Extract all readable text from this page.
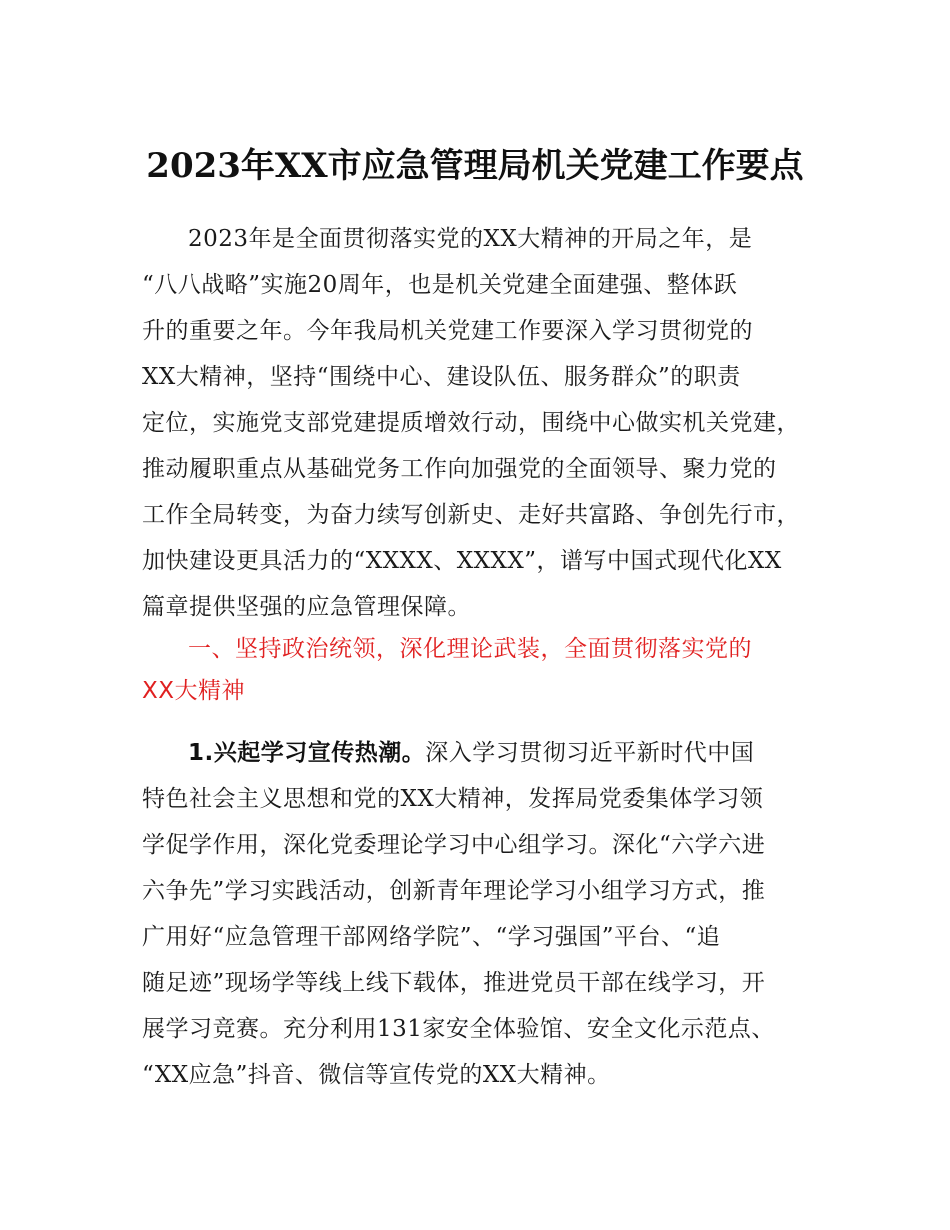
2023年XX市应急管理局机关党建工作要点
2023年是全面贯彻落实党的XX大精神的开局之年，是
“八八战略”实施20周年，也是机关党建全面建强、整体跃
升的重要之年。今年我局机关党建工作要深入学习贯彻党的
XX大精神，坚持“围绕中心、建设队伍、服务群众”的职责
定位，实施党支部党建提质增效行动，围绕中心做实机关党建，
推动履职重点从基础党务工作向加强党的全面领导、聚力党的
工作全局转变，为奋力续写创新史、走好共富路、争创先行市，
加快建设更具活力的“XXXX、XXXX”，谱写中国式现代化XX
篇章提供坚强的应急管理保障。
一、坚持政治统领，深化理论武装，全面贯彻落实党的
XX大精神
1.兴起学习宣传热潮。深入学习贯彻习近平新时代中国
特色社会主义思想和党的XX大精神，发挥局党委集体学习领
学促学作用，深化党委理论学习中心组学习。深化“六学六进
六争先”学习实践活动，创新青年理论学习小组学习方式，推
广用好“应急管理干部网络学院”、“学习强国”平台、“追
随足迹”现场学等线上线下载体，推进党员干部在线学习，开
展学习竞赛。充分利用131家安全体验馆、安全文化示范点、
“XX应急”抖音、微信等宣传党的XX大精神。
